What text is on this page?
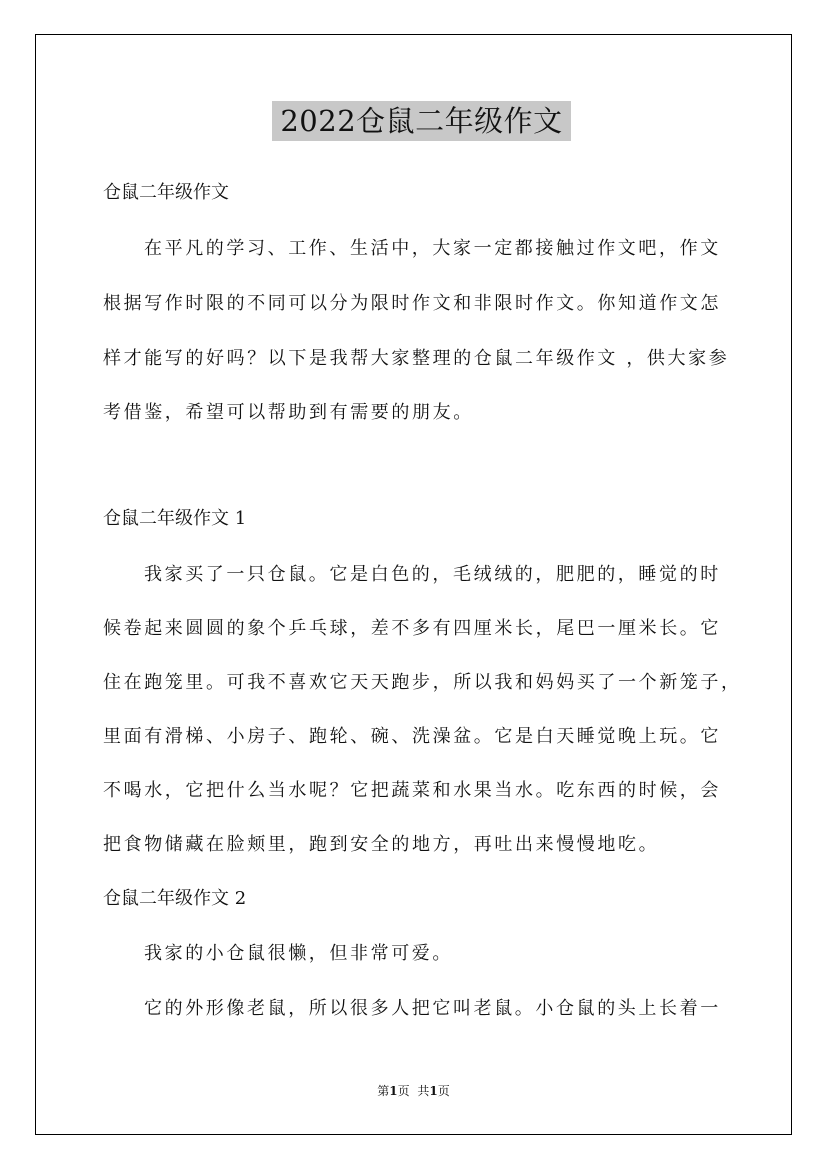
2022仓鼠二年级作文
仓鼠二年级作文
在平凡的学习、工作、生活中，大家一定都接触过作文吧，作文
根据写作时限的不同可以分为限时作文和非限时作文。你知道作文怎
样才能写的好吗？以下是我帮大家整理的仓鼠二年级作文 ，供大家参
考借鉴，希望可以帮助到有需要的朋友。
仓鼠二年级作文 1
我家买了一只仓鼠。它是白色的，毛绒绒的，肥肥的，睡觉的时
候卷起来圆圆的象个乒乓球，差不多有四厘米长，尾巴一厘米长。它
住在跑笼里。可我不喜欢它天天跑步，所以我和妈妈买了一个新笼子，
里面有滑梯、小房子、跑轮、碗、洗澡盆。它是白天睡觉晚上玩。它
不喝水，它把什么当水呢？它把蔬菜和水果当水。吃东西的时候，会
把食物储藏在脸颊里，跑到安全的地方，再吐出来慢慢地吃。
仓鼠二年级作文 2
我家的小仓鼠很懒，但非常可爱。
它的外形像老鼠，所以很多人把它叫老鼠。小仓鼠的头上长着一
第1页 共1页
